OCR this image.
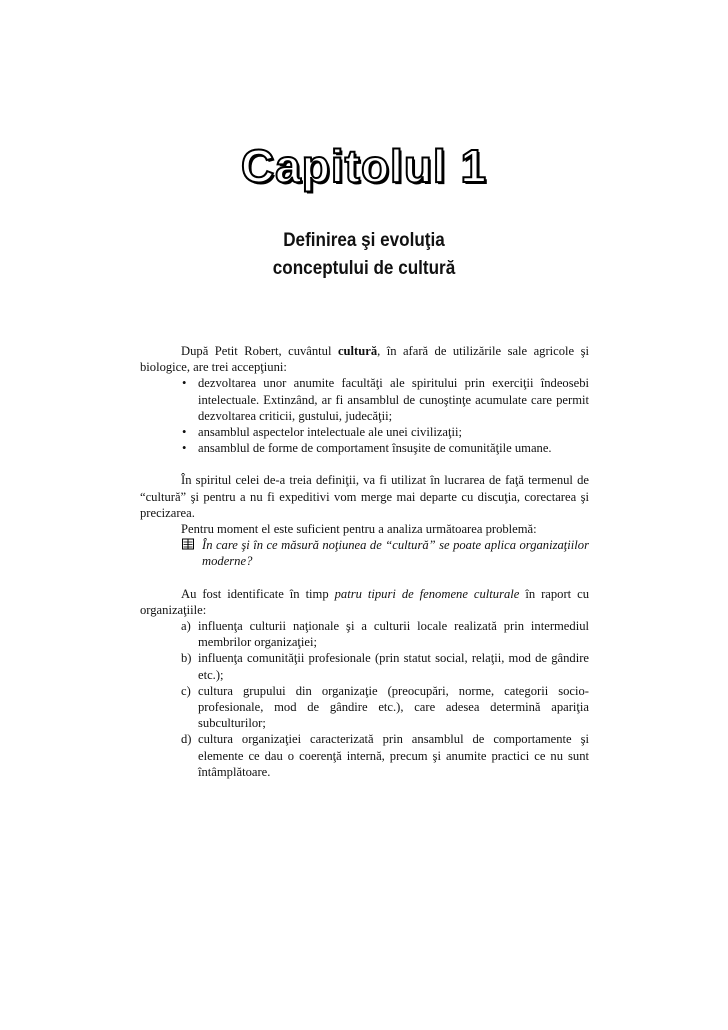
Capitolul 1
Definirea şi evoluţia
conceptului de cultură

După Petit Robert, cuvântul cultură, în afară de utilizările sale agricole şi biologice, are trei accepţiuni:

• dezvoltarea unor anumite facultăţi ale spiritului prin exerciţii îndeosebi intelectuale. Extinzând, ar fi ansamblul de cunoştinţe acumulate care permit dezvoltarea criticii, gustului, judecăţii;
• ansamblul aspectelor intelectuale ale unei civilizaţii;
• ansamblul de forme de comportament însuşite de comunităţile umane.

În spiritul celei de-a treia definiţii, va fi utilizat în lucrarea de faţă termenul de “cultură” şi pentru a nu fi expeditivi vom merge mai departe cu discuţia, corectarea şi precizarea.

Pentru moment el este suficient pentru a analiza următoarea problemă:

În care şi în ce măsură noţiunea de “cultură” se poate aplica organizaţiilor moderne?

Au fost identificate în timp patru tipuri de fenomene culturale în raport cu organizaţiile:

a) influenţa culturii naţionale şi a culturii locale realizată prin intermediul membrilor organizaţiei;
b) influenţa comunităţii profesionale (prin statut social, relaţii, mod de gândire etc.);
c) cultura grupului din organizaţie (preocupări, norme, categorii socio-profesionale, mod de gândire etc.), care adesea determină apariţia subculturilor;
d) cultura organizaţiei caracterizată prin ansamblul de comportamente şi elemente ce dau o coerenţă internă, precum şi anumite practici ce nu sunt întâmplătoare.
